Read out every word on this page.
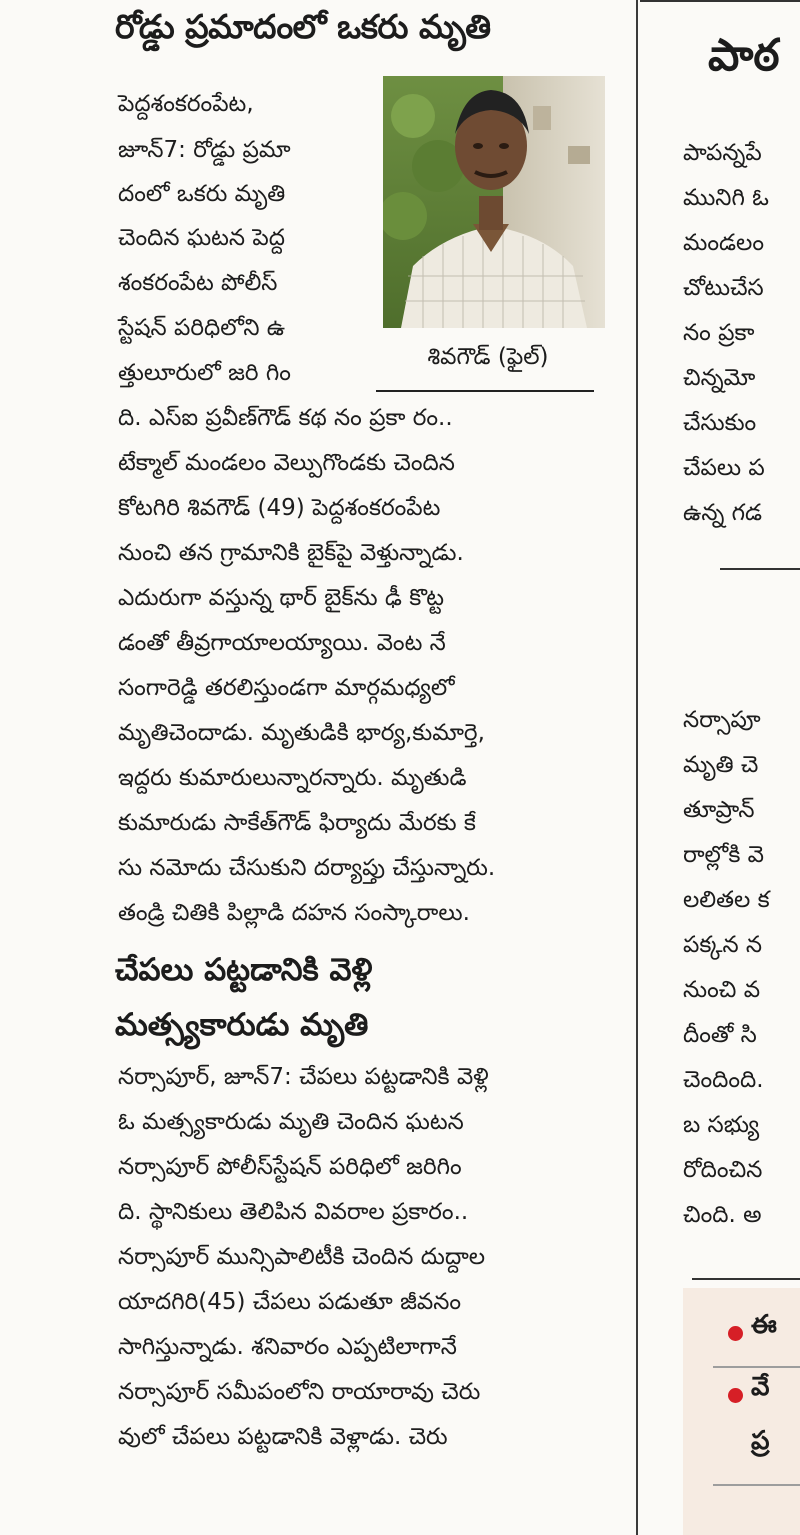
రోడ్డు ప్రమాదంలో ఒకరు మృతి
పెద్దశంకరంపేట,
జూన్7: రోడ్డు ప్రమా
దంలో ఒకరు మృతి
చెందిన ఘటన పెద్ద
శంకరంపేట పోలీస్
స్టేషన్ పరిధిలోని ఉ
త్తులూరులో జరి గిం
శివగౌడ్ (ఫైల్)
ది. ఎస్ఐ ప్రవీణ్‌గౌడ్ కథ నం ప్రకా రం..
టేక్మాల్ మండలం వెల్పుగొండకు చెందిన
కోటగిరి శివగౌడ్ (49) పెద్దశంకరంపేట
నుంచి తన గ్రామానికి బైక్‌పై వెళ్తున్నాడు.
ఎదురుగా వస్తున్న థార్ బైక్‌ను ఢీ కొట్ట
డంతో తీవ్రగాయాలయ్యాయి. వెంట నే
సంగారెడ్డి తరలిస్తుండగా మార్గమధ్యలో
మృతిచెందాడు. మృతుడికి భార్య,కుమార్తె,
ఇద్దరు కుమారులున్నారన్నారు. మృతుడి
కుమారుడు సాకేత్‌గౌడ్ ఫిర్యాదు మేరకు కే
సు నమోదు చేసుకుని దర్యాప్తు చేస్తున్నారు.
తండ్రి చితికి పిల్లాడి దహన సంస్కారాలు.
చేపలు పట్టడానికి వెళ్లి
మత్స్యకారుడు మృతి
నర్సాపూర్, జూన్7: చేపలు పట్టడానికి వెళ్లి
ఓ మత్స్యకారుడు మృతి చెందిన ఘటన
నర్సాపూర్ పోలీస్‌స్టేషన్ పరిధిలో జరిగిం
ది. స్థానికులు తెలిపిన వివరాల ప్రకారం..
నర్సాపూర్ మున్సిపాలిటీకి చెందిన దుద్దాల
యాదగిరి(45) చేపలు పడుతూ జీవనం
సాగిస్తున్నాడు. శనివారం ఎప్పటిలాగానే
నర్సాపూర్ సమీపంలోని రాయారావు చెరు
వులో చేపలు పట్టడానికి వెళ్లాడు. చెరు
పాఠ
పాపన్నపే
మునిగి ఓ
మండలం
చోటుచేస
నం ప్రకా
చిన్నమో
చేసుకుం
చేపలు ప
ఉన్న గడ
నర్సాపూ
మృతి చె
తూప్రాన్
రాల్లోకి వె
లలితల క
పక్కన న
నుంచి వ
దీంతో సి
చెందింది.
బ సభ్యు
రోదించిన
చింది. అ
ఈ
వే
ప్ర
